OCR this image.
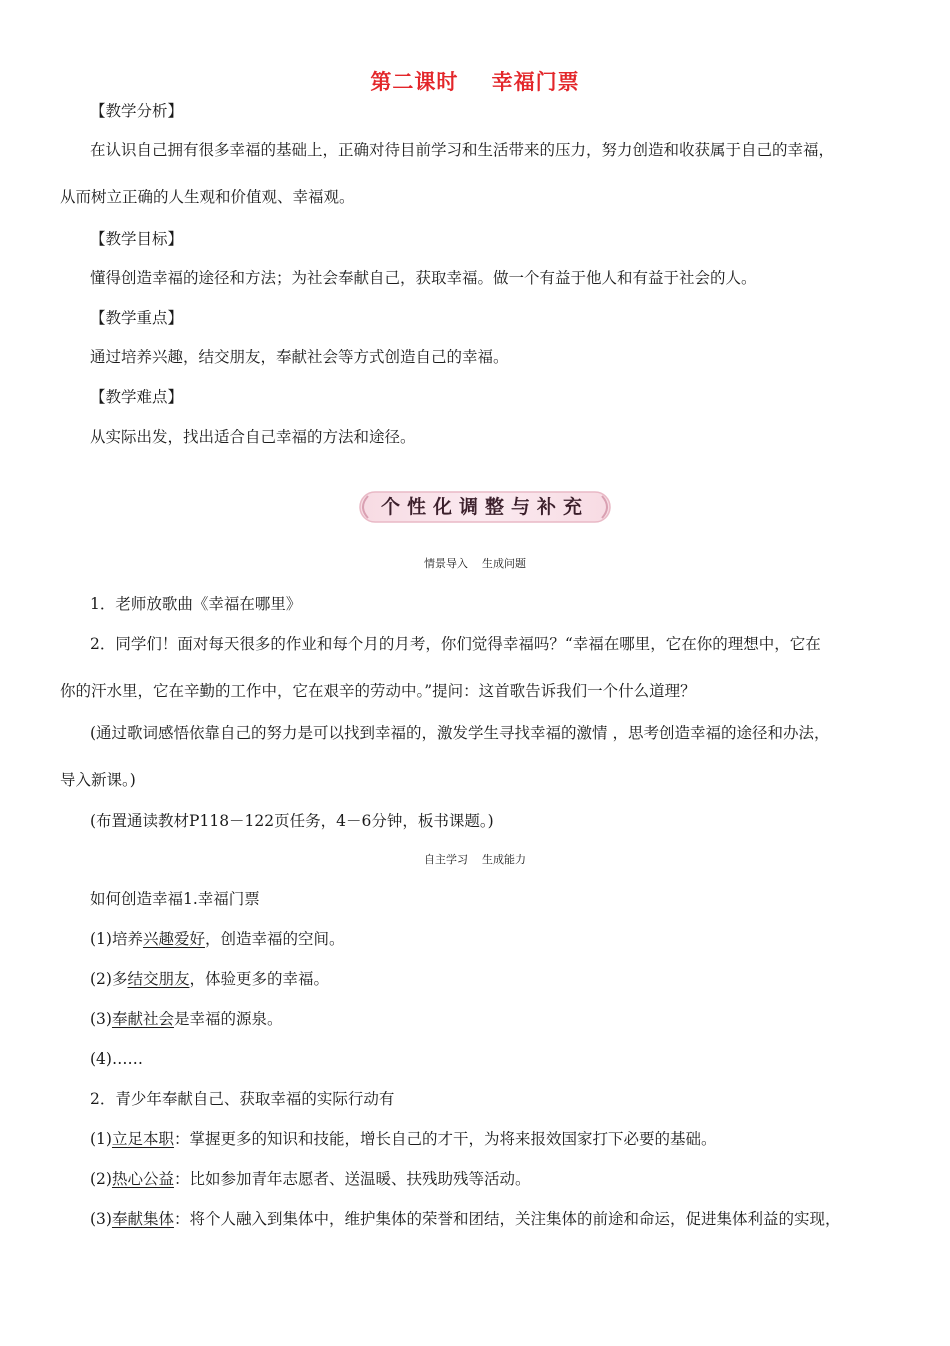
第二课时    幸福门票
【教学分析】
在认识自己拥有很多幸福的基础上，正确对待目前学习和生活带来的压力，努力创造和收获属于自己的幸福，
从而树立正确的人生观和价值观、幸福观。
【教学目标】
懂得创造幸福的途径和方法；为社会奉献自己，获取幸福。做一个有益于他人和有益于社会的人。
【教学重点】
通过培养兴趣，结交朋友，奉献社会等方式创造自己的幸福。
【教学难点】
从实际出发，找出适合自己幸福的方法和途径。
个性化调整与补充
情景导入    生成问题
1．老师放歌曲《幸福在哪里》
2．同学们！面对每天很多的作业和每个月的月考，你们觉得幸福吗？“幸福在哪里，它在你的理想中，它在
你的汗水里，它在辛勤的工作中，它在艰辛的劳动中。”提问：这首歌告诉我们一个什么道理？
(通过歌词感悟依靠自己的努力是可以找到幸福的，激发学生寻找幸福的激情 ，思考创造幸福的途径和办法，
导入新课。)
(布置通读教材P118－122页任务，4－6分钟，板书课题。)
自主学习    生成能力
如何创造幸福1.幸福门票
(1)培养兴趣爱好，创造幸福的空间。
(2)多结交朋友，体验更多的幸福。
(3)奉献社会是幸福的源泉。
(4)……
2．青少年奉献自己、获取幸福的实际行动有
(1)立足本职：掌握更多的知识和技能，增长自己的才干，为将来报效国家打下必要的基础。
(2)热心公益：比如参加青年志愿者、送温暖、扶残助残等活动。
(3)奉献集体：将个人融入到集体中，维护集体的荣誉和团结，关注集体的前途和命运，促进集体利益的实现，
